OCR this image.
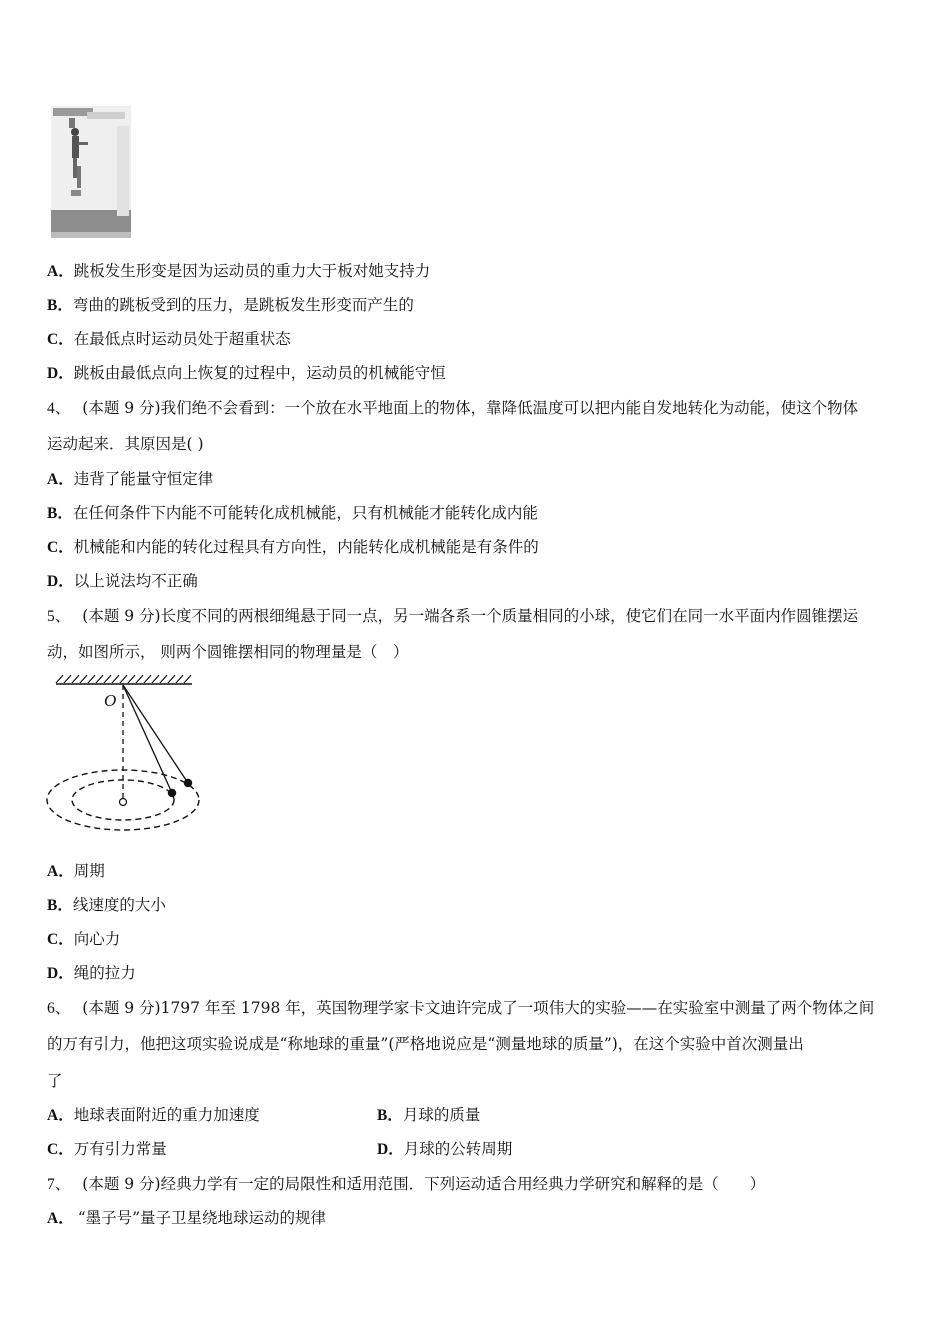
A．跳板发生形变是因为运动员的重力大于板对她支持力
B．弯曲的跳板受到的压力，是跳板发生形变而产生的
C．在最低点时运动员处于超重状态
D．跳板由最低点向上恢复的过程中，运动员的机械能守恒
4、 (本题 9 分)我们绝不会看到：一个放在水平地面上的物体，靠降低温度可以把内能自发地转化为动能，使这个物体
运动起来．其原因是( )
A．违背了能量守恒定律
B．在任何条件下内能不可能转化成机械能，只有机械能才能转化成内能
C．机械能和内能的转化过程具有方向性，内能转化成机械能是有条件的
D．以上说法均不正确
5、 (本题 9 分)长度不同的两根细绳悬于同一点，另一端各系一个质量相同的小球，使它们在同一水平面内作圆锥摆运
动，如图所示， 则两个圆锥摆相同的物理量是（　）
O
A．周期
B．线速度的大小
C．向心力
D．绳的拉力
6、 (本题 9 分)1797 年至 1798 年，英国物理学家卡文迪许完成了一项伟大的实验——在实验室中测量了两个物体之间
的万有引力，他把这项实验说成是“称地球的重量”(严格地说应是“测量地球的质量”)，在这个实验中首次测量出
了
A．地球表面附近的重力加速度	B．月球的质量
C．万有引力常量	D．月球的公转周期
7、 (本题 9 分)经典力学有一定的局限性和适用范围．下列运动适合用经典力学研究和解释的是（　　）
A． “墨子号”量子卫星绕地球运动的规律
